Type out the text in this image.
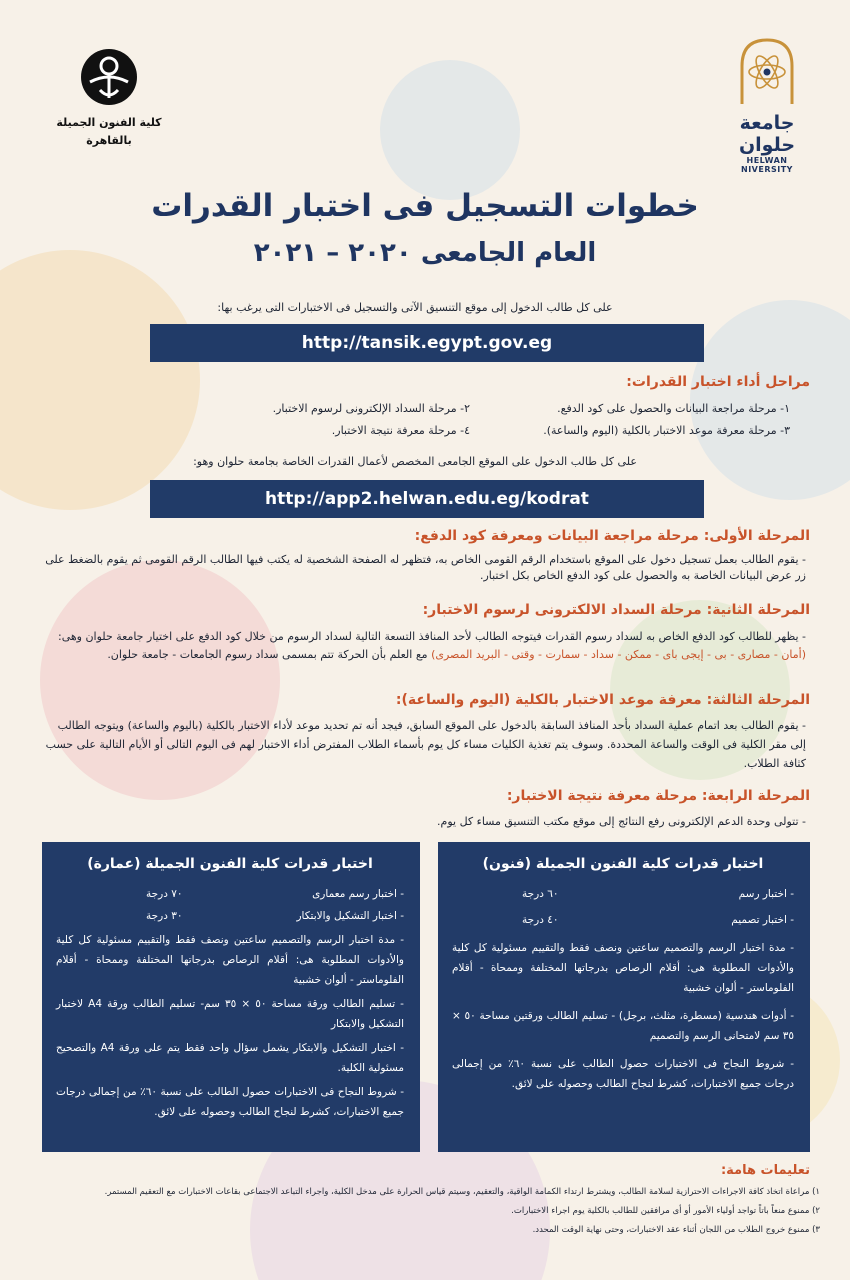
جامعة حلوان
HELWAN NIVERSITY
كلية الفنون الجميلة
بالقاهرة
خطوات التسجيل فى اختبار القدرات
العام الجامعى ٢٠٢٠ – ٢٠٢١
على كل طالب الدخول إلى موقع التنسيق الآتى والتسجيل فى الاختبارات التى يرغب بها:
http://tansik.egypt.gov.eg
مراحل أداء اختبار القدرات:
١- مرحلة مراجعة البيانات والحصول على كود الدفع.
٢- مرحلة السداد الإلكترونى لرسوم الاختبار.
٣- مرحلة معرفة موعد الاختبار بالكلية (اليوم والساعة).
٤- مرحلة معرفة نتيجة الاختبار.
على كل طالب الدخول على الموقع الجامعى المخصص لأعمال القدرات الخاصة بجامعة حلوان وهو:
http://app2.helwan.edu.eg/kodrat
المرحلة الأولى: مرحلة مراجعة البيانات ومعرفة كود الدفع:
- يقوم الطالب بعمل تسجيل دخول على الموقع باستخدام الرقم القومى الخاص به، فتظهر له الصفحة الشخصية له يكتب فيها الطالب الرقم القومى ثم يقوم بالضغط على زر عرض البيانات الخاصة به والحصول على كود الدفع الخاص بكل اختبار.
المرحلة الثانية: مرحلة السداد الالكترونى لرسوم الاختبار:
- يظهر للطالب كود الدفع الخاص به لسداد رسوم القدرات فيتوجه الطالب لأحد المنافذ التسعة التالية لسداد الرسوم من خلال كود الدفع على اختيار جامعة حلوان وهى: (أمان - مصارى - بى - إيجى باى - ممكن - سداد - سمارت - وقتى - البريد المصرى) مع العلم بأن الحركة تتم بمسمى سداد رسوم الجامعات - جامعة حلوان.
المرحلة الثالثة: معرفة موعد الاختبار بالكلية (اليوم والساعة):
- يقوم الطالب بعد اتمام عملية السداد بأحد المنافذ السابقة بالدخول على الموقع السابق، فيجد أنه تم تحديد موعد لأداء الاختبار بالكلية (باليوم والساعة) ويتوجه الطالب إلى مقر الكلية فى الوقت والساعة المحددة. وسوف يتم تغذية الكليات مساء كل يوم بأسماء الطلاب المفترض أداء الاختبار لهم فى اليوم التالى أو الأيام التالية على حسب كثافة الطلاب.
المرحلة الرابعة: مرحلة معرفة نتيجة الاختبار:
- تتولى وحدة الدعم الإلكترونى رفع النتائج إلى موقع مكتب التنسيق مساء كل يوم.
اختبار قدرات كلية الفنون الجميلة (فنون)
- اختبار رسم
٦٠ درجة
- اختبار تصميم
٤٠ درجة

- مدة اختبار الرسم والتصميم ساعتين ونصف فقط والتقييم مسئولية كل كلية والأدوات المطلوبة هى: أقلام الرصاص بدرجاتها المختلفة وممحاة - أقلام الفلوماستر - ألوان خشبية

- أدوات هندسية (مسطرة، مثلث، برجل) - تسليم الطالب ورقتين مساحة ٥٠ × ٣٥ سم لامتحانى الرسم والتصميم

- شروط النجاح فى الاختبارات حصول الطالب على نسبة ٦٠٪ من إجمالى درجات جميع الاختبارات، كشرط لنجاح الطالب وحصوله على لائق.

اختبار قدرات كلية الفنون الجميلة (عمارة)
- اختبار رسم معمارى
٧٠ درجة
- اختبار التشكيل والابتكار
٣٠ درجة

- مدة اختبار الرسم والتصميم ساعتين ونصف فقط والتقييم مسئولية كل كلية والأدوات المطلوبة هى: أقلام الرصاص بدرجاتها المختلفة وممحاة - أقلام الفلوماستر - ألوان خشبية

- تسليم الطالب ورقة مساحة ٥٠ × ٣٥ سم- تسليم الطالب ورقة A4 لاختبار التشكيل والابتكار

- اختبار التشكيل والابتكار يشمل سؤال واحد فقط يتم على ورقة A4 والتصحيح مسئولية الكلية.

- شروط النجاح فى الاختبارات حصول الطالب على نسبة ٦٠٪ من إجمالى درجات جميع الاختبارات، كشرط لنجاح الطالب وحصوله على لائق.

تعليمات هامة:
١) مراعاة اتخاذ كافة الاجراءات الاحترازية لسلامة الطالب، ويشترط ارتداء الكمامة الواقية، والتعقيم، وسيتم قياس الحرارة على مدخل الكلية، واجراء التباعد الاجتماعى بقاعات الاختبارات مع التعقيم المستمر.
٢) ممنوع منعاً باتاً تواجد أولياء الأمور أو أى مرافقين للطالب بالكلية يوم اجراء الاختبارات.
٣) ممنوع خروج الطلاب من اللجان أثناء عقد الاختبارات، وحتى نهاية الوقت المحدد.
